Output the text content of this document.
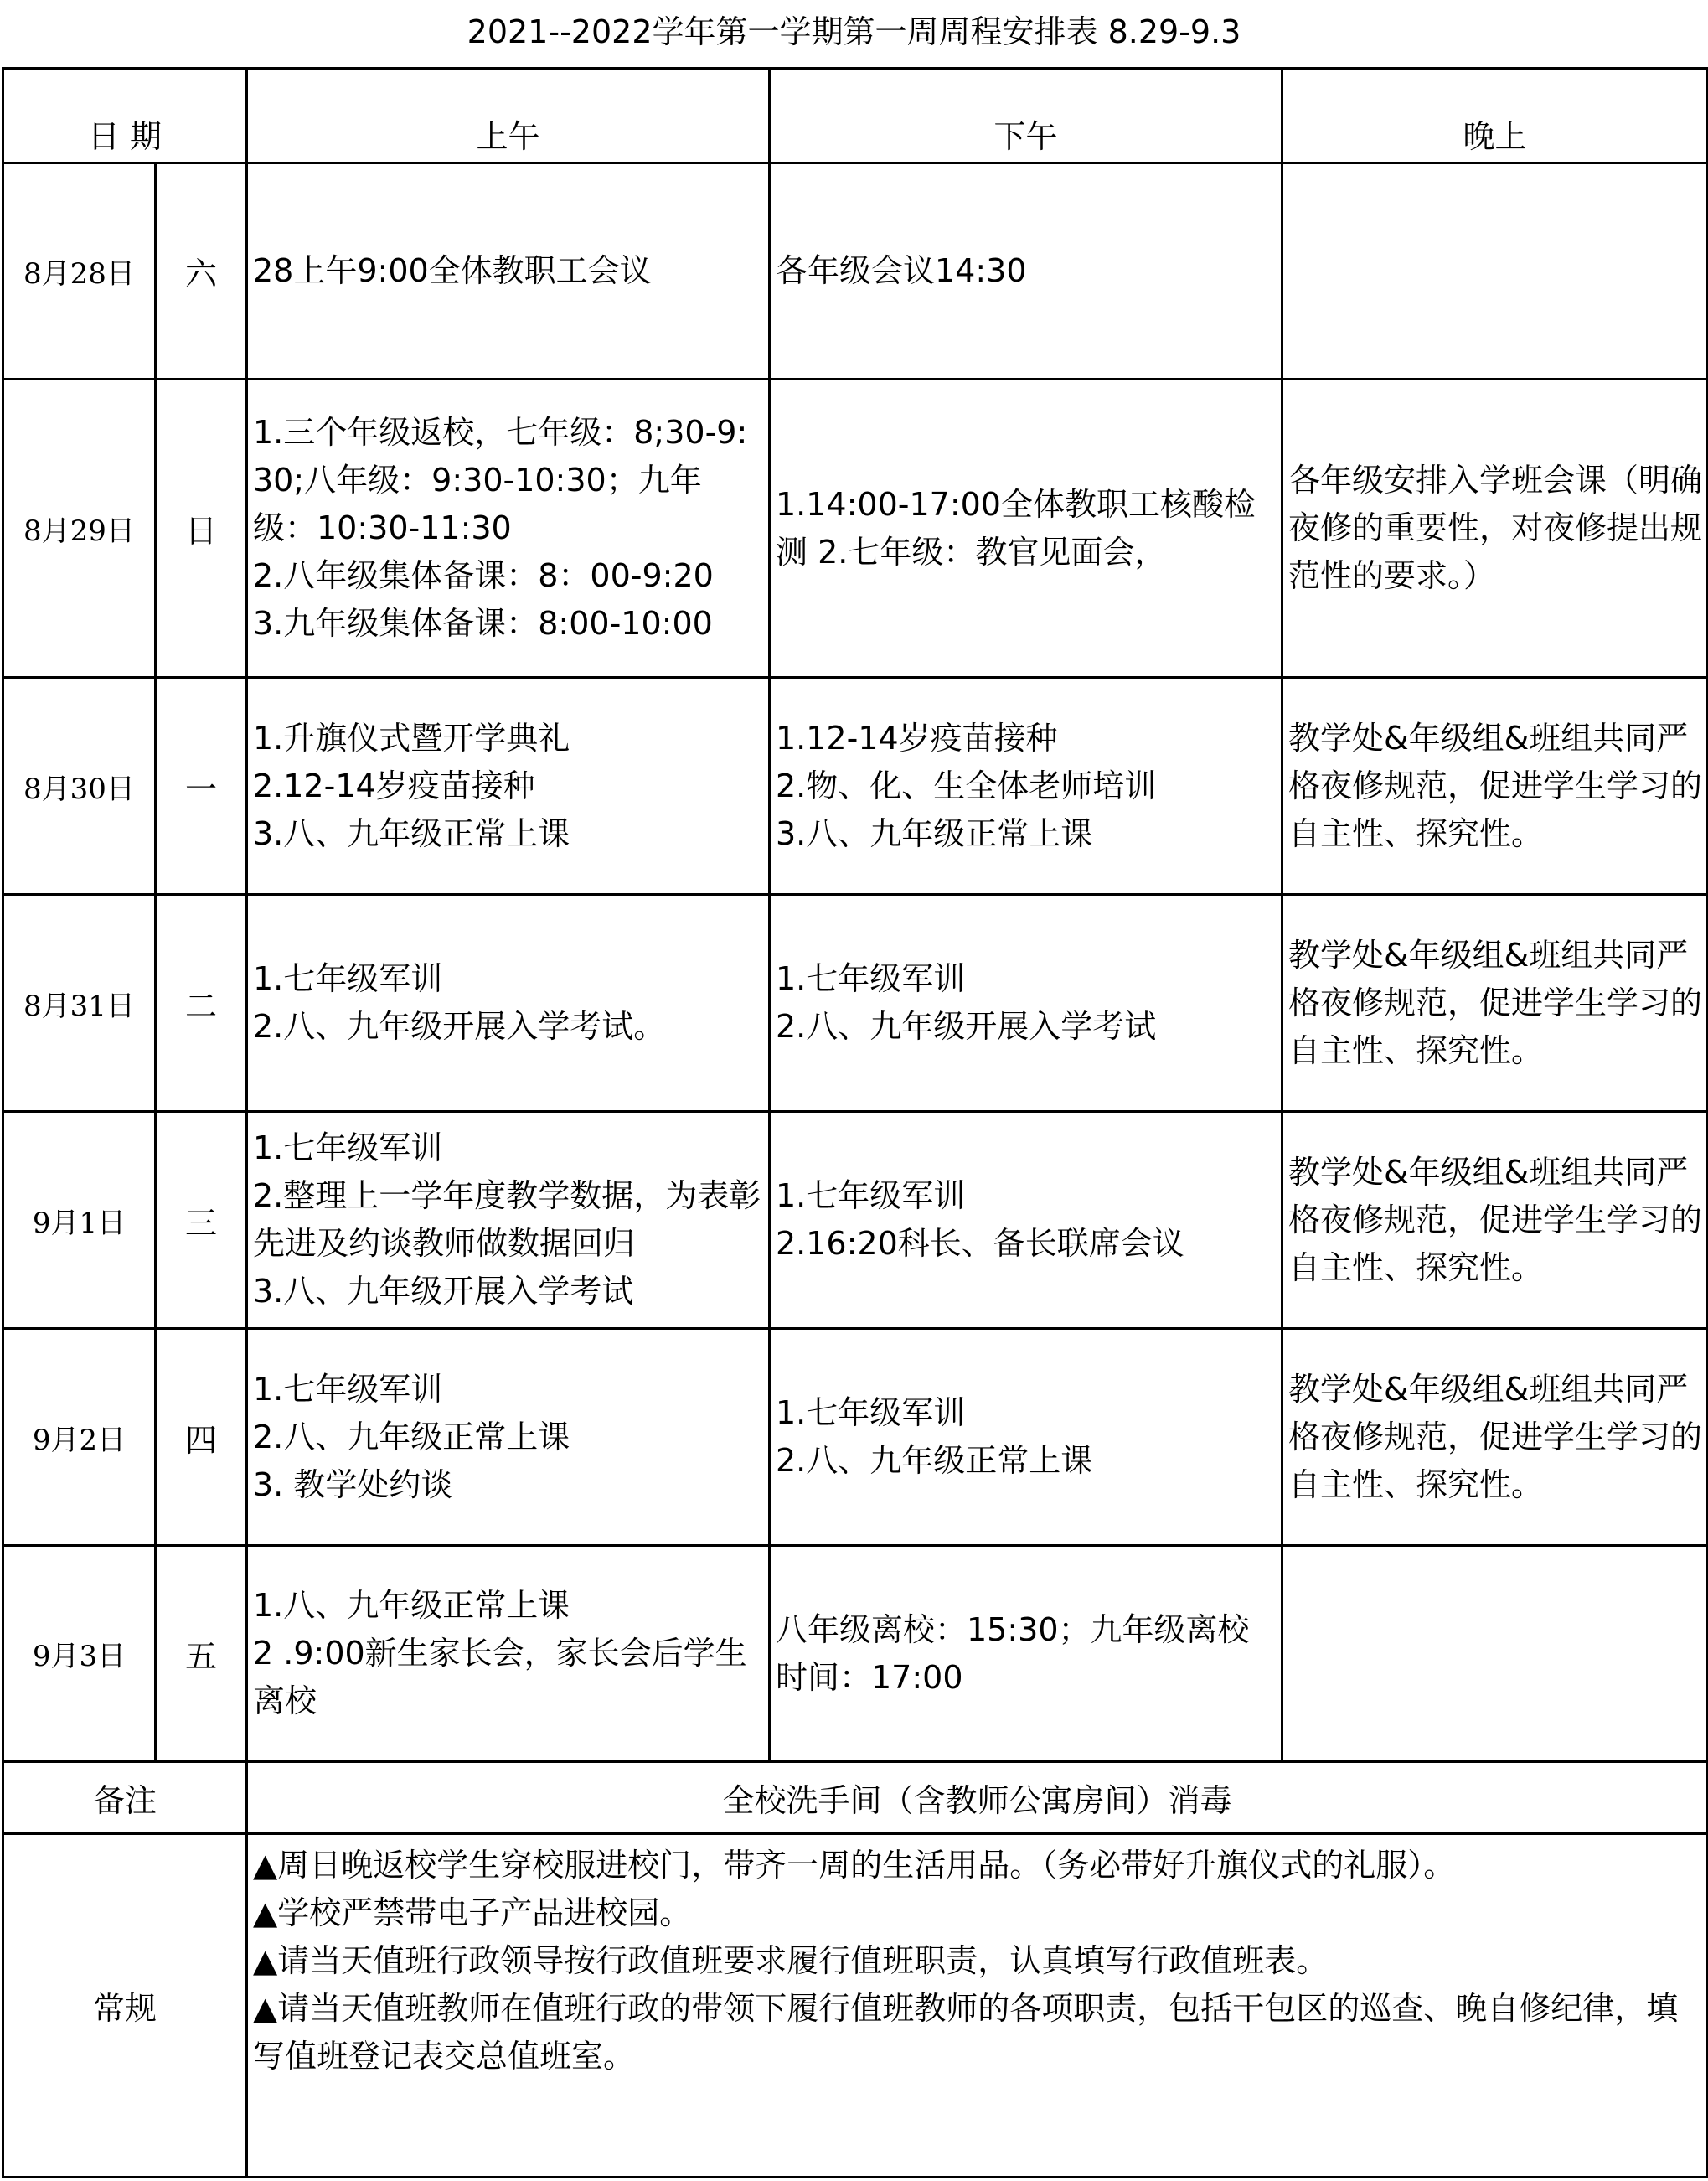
2021--2022学年第一学期第一周周程安排表 8.29-9.3
日 期		上午	下午	晚上
8月28日	六	28上午9:00全体教职工会议	各年级会议14:30	

8月29日	日	1.三个年级返校，七年级：8;30-9:30;八年级：9:30-10:30；九年级：10:30-11:30
2.八年级集体备课：8：00-9:20
3.九年级集体备课：8:00-10:00	1.14:00-17:00全体教职工核酸检测 2.七年级：教官见面会，	各年级安排入学班会课（明确夜修的重要性，对夜修提出规范性的要求。）

8月30日	一	1.升旗仪式暨开学典礼
2.12-14岁疫苗接种
3.八、九年级正常上课	1.12-14岁疫苗接种
2.物、化、生全体老师培训
3.八、九年级正常上课	教学处&年级组&班组共同严格夜修规范，促进学生学习的自主性、探究性。

8月31日	二	1.七年级军训
2.八、九年级开展入学考试。	1.七年级军训
2.八、九年级开展入学考试	教学处&年级组&班组共同严格夜修规范，促进学生学习的自主性、探究性。

9月1日	三	1.七年级军训
2.整理上一学年度教学数据，为表彰先进及约谈教师做数据回归
3.八、九年级开展入学考试	1.七年级军训
2.16:20科长、备长联席会议	教学处&年级组&班组共同严格夜修规范，促进学生学习的自主性、探究性。

9月2日	四	1.七年级军训
2.八、九年级正常上课
3. 教学处约谈	1.七年级军训
2.八、九年级正常上课	教学处&年级组&班组共同严格夜修规范，促进学生学习的自主性、探究性。

9月3日	五	1.八、九年级正常上课
2 .9:00新生家长会，家长会后学生离校	八年级离校：15:30；九年级离校时间：17:00	

备注		全校洗手间（含教师公寓房间）消毒		
常规		▲周日晚返校学生穿校服进校门，带齐一周的生活用品。（务必带好升旗仪式的礼服）。
▲学校严禁带电子产品进校园。
▲请当天值班行政领导按行政值班要求履行值班职责，认真填写行政值班表。
▲请当天值班教师在值班行政的带领下履行值班教师的各项职责，包括干包区的巡查、晚自修纪律，填写值班登记表交总值班室。		
